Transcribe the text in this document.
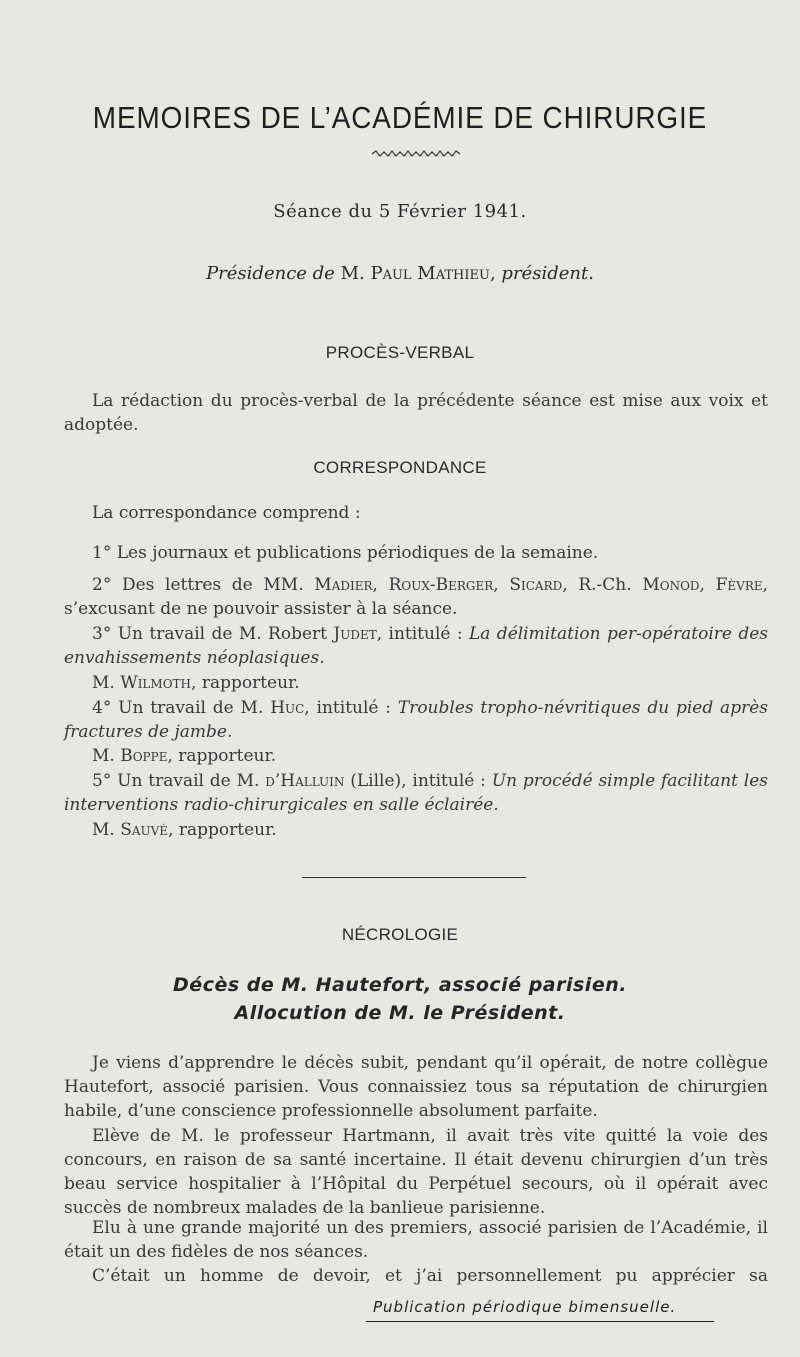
MEMOIRES DE L’ACADÉMIE DE CHIRURGIE
Séance du 5 Février 1941.
Présidence de M. Paul Mathieu, président.
PROCÈS-VERBAL
La rédaction du procès-verbal de la précédente séance est mise aux voix et adoptée.
CORRESPONDANCE
La correspondance comprend :
1° Les journaux et publications périodiques de la semaine.
2° Des lettres de MM. Madier, Roux-Berger, Sicard, R.-Ch. Monod, Fèvre, s’excusant de ne pouvoir assister à la séance.
3° Un travail de M. Robert Judet, intitulé : La délimitation per-opératoire des envahissements néoplasiques.
M. Wilmoth, rapporteur.
4° Un travail de M. Huc, intitulé : Troubles tropho-névritiques du pied après fractures de jambe.
M. Boppe, rapporteur.
5° Un travail de M. d’Halluin (Lille), intitulé : Un procédé simple facilitant les interventions radio-chirurgicales en salle éclairée.
M. Sauvé, rapporteur.
NÉCROLOGIE
Décès de M. Hautefort, associé parisien.
Allocution de M. le Président.
Je viens d’apprendre le décès subit, pendant qu’il opérait, de notre collègue Hautefort, associé parisien. Vous connaissiez tous sa réputation de chirurgien habile, d’une conscience professionnelle absolument parfaite.
Elève de M. le professeur Hartmann, il avait très vite quitté la voie des concours, en raison de sa santé incertaine. Il était devenu chirurgien d’un très beau service hospitalier à l’Hôpital du Perpétuel secours, où il opérait avec succès de nombreux malades de la banlieue parisienne.
Elu à une grande majorité un des premiers, associé parisien de l’Académie, il était un des fidèles de nos séances.
C’était un homme de devoir, et j’ai personnellement pu apprécier sa
Publication périodique bimensuelle.
